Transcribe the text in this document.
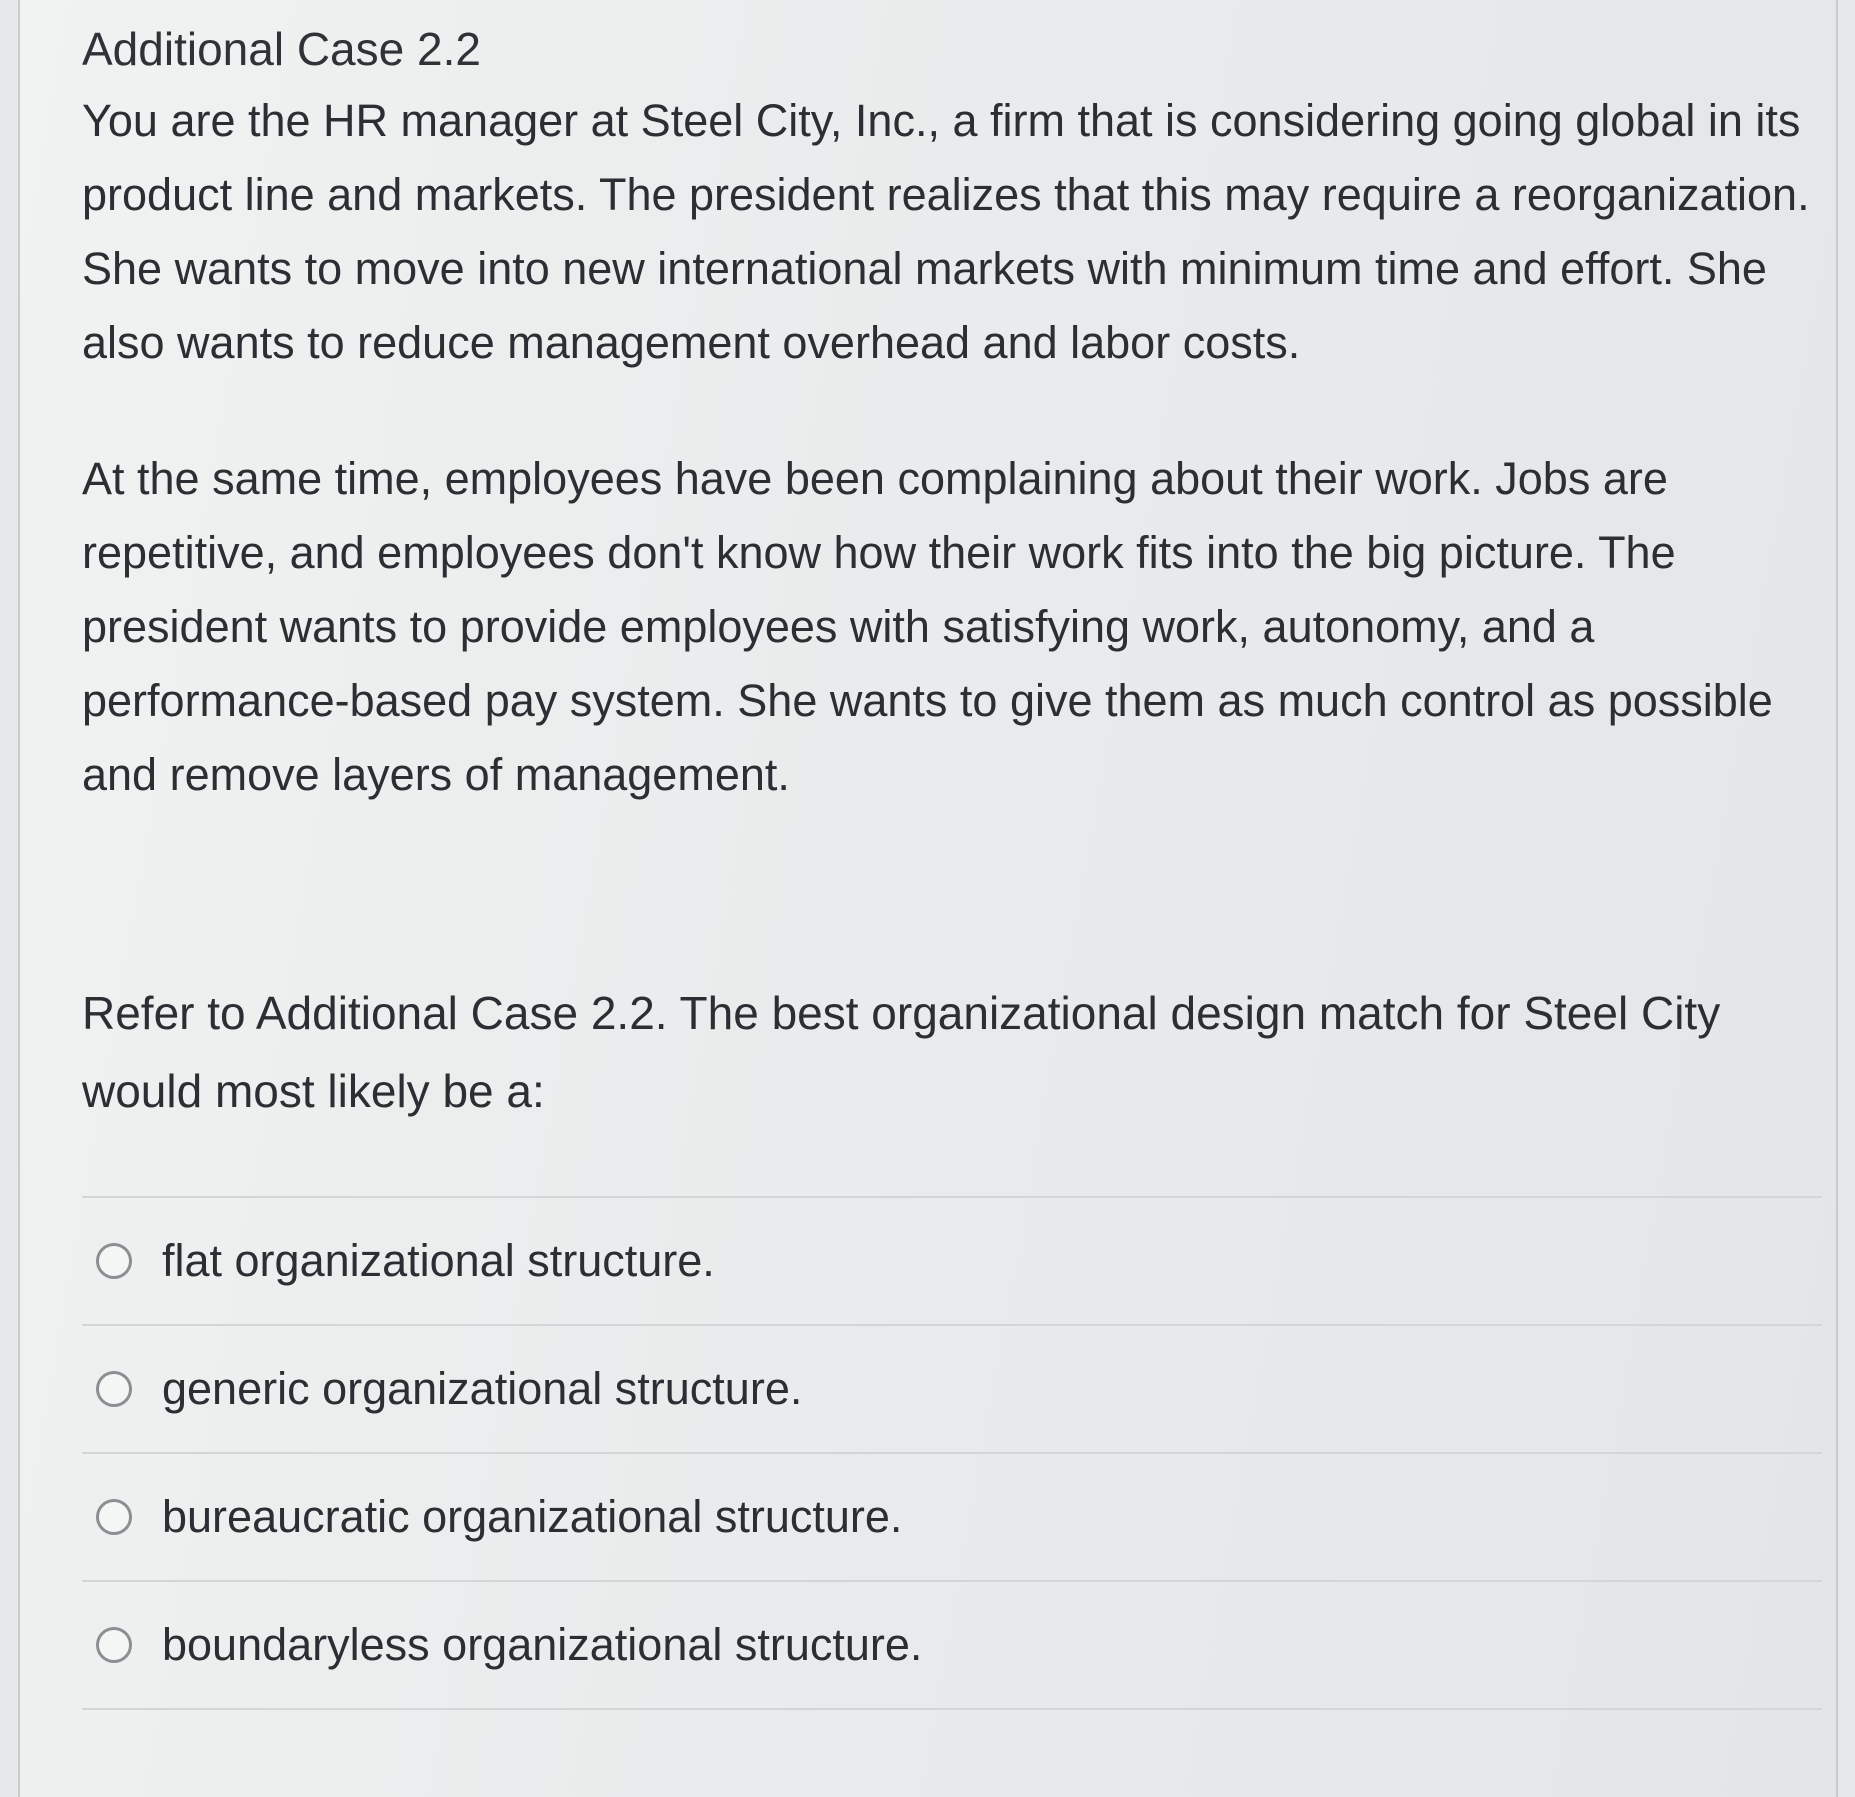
Additional Case 2.2

You are the HR manager at Steel City, Inc., a firm that is considering going global in its product line and markets. The president realizes that this may require a reorganization. She wants to move into new international markets with minimum time and effort. She also wants to reduce management overhead and labor costs.

At the same time, employees have been complaining about their work. Jobs are repetitive, and employees don't know how their work fits into the big picture. The president wants to provide employees with satisfying work, autonomy, and a performance-based pay system. She wants to give them as much control as possible and remove layers of management.

Refer to Additional Case 2.2. The best organizational design match for Steel City would most likely be a:

flat organizational structure.
generic organizational structure.
bureaucratic organizational structure.
boundaryless organizational structure.
